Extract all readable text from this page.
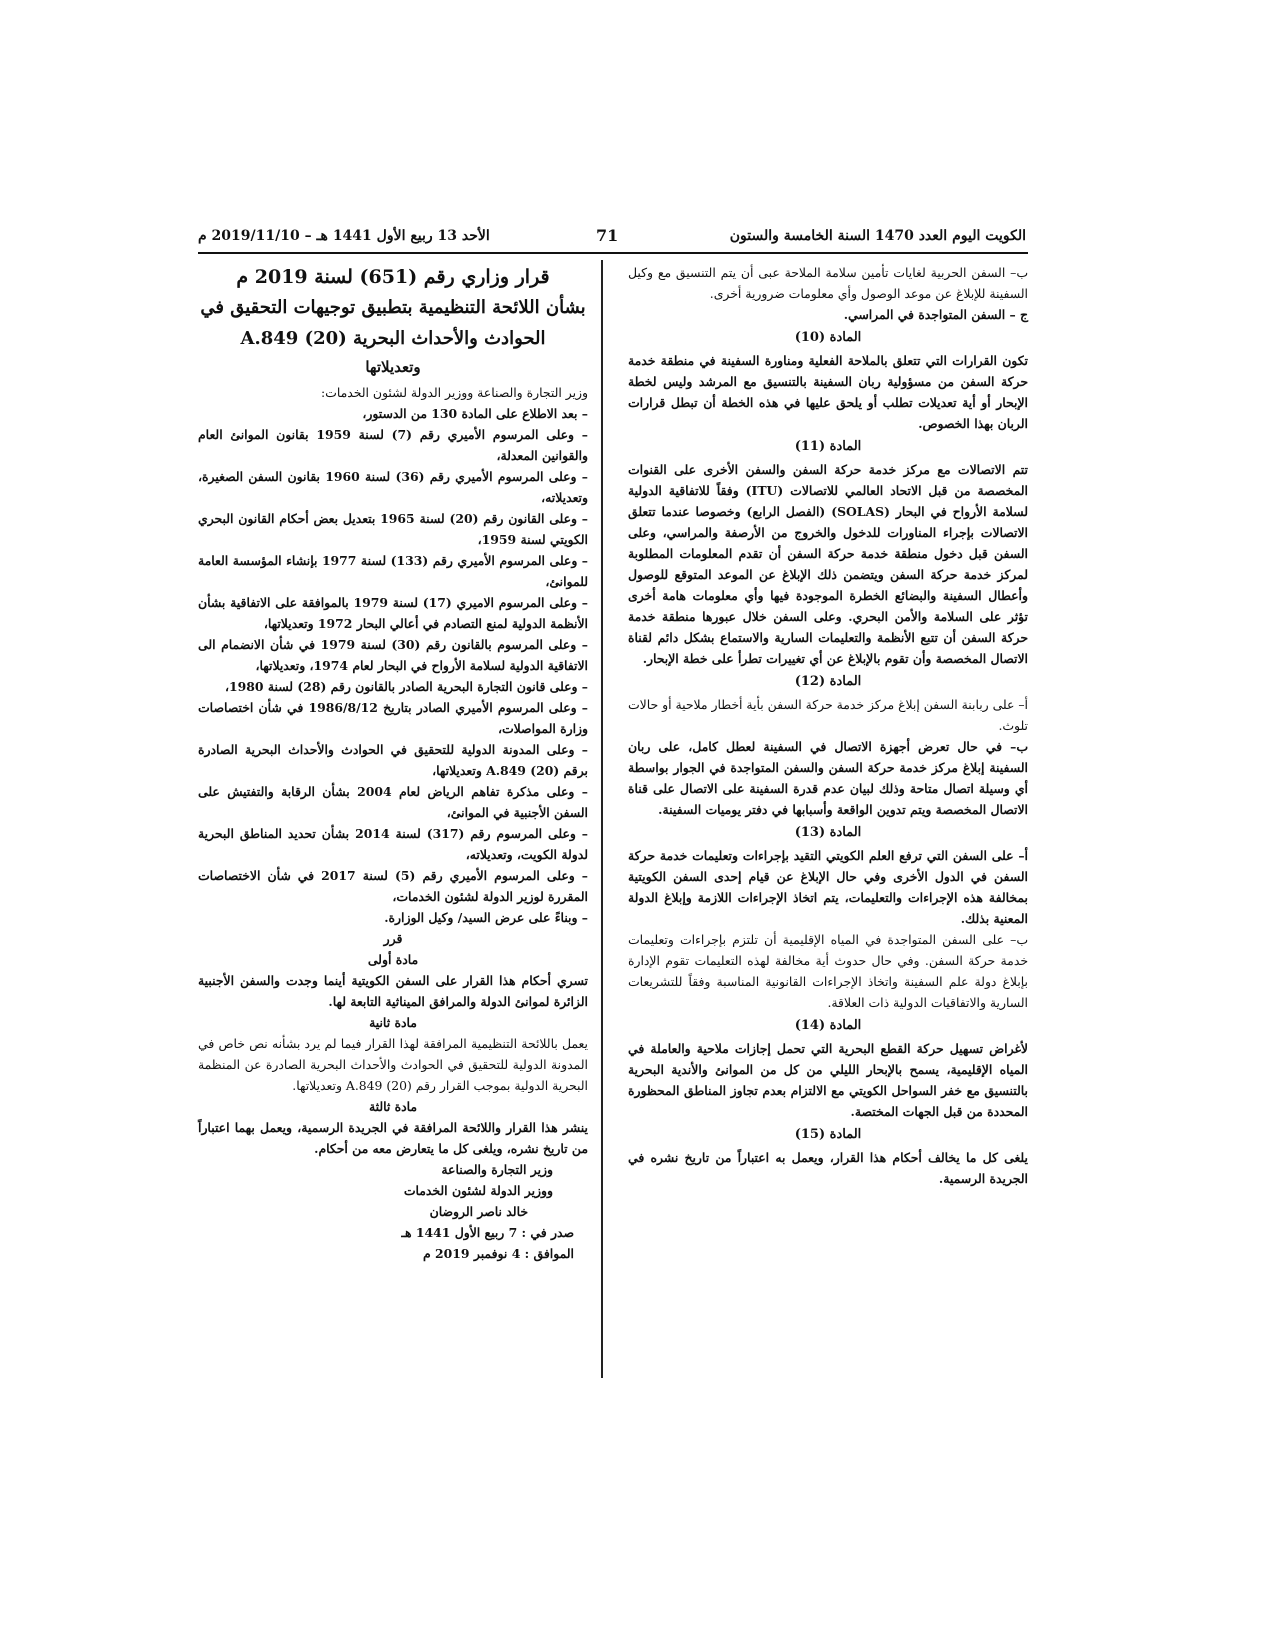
الكويت اليوم العدد 1470 السنة الخامسة والستون
71
الأحد 13 ربيع الأول 1441 هـ – 2019/11/10 م

ب– السفن الحربية لغايات تأمين سلامة الملاحة عبى أن يتم التنسيق مع وكيل السفينة للإبلاغ عن موعد الوصول وأي معلومات ضرورية أخرى.

ج – السفن المتواجدة في المراسي.

المادة (10)

تكون القرارات التي تتعلق بالملاحة الفعلية ومناورة السفينة في منطقة خدمة حركة السفن من مسؤولية ربان السفينة بالتنسيق مع المرشد وليس لخطة الإبحار أو أية تعديلات تطلب أو يلحق عليها في هذه الخطة أن تبطل قرارات الربان بهذا الخصوص.

المادة (11)

تتم الاتصالات مع مركز خدمة حركة السفن والسفن الأخرى على القنوات المخصصة من قبل الاتحاد العالمي للاتصالات (ITU) وفقاً للاتفاقية الدولية لسلامة الأرواح في البحار (SOLAS) (الفصل الرابع) وخصوصا عندما تتعلق الاتصالات بإجراء المناورات للدخول والخروج من الأرصفة والمراسي، وعلى السفن قبل دخول منطقة خدمة حركة السفن أن تقدم المعلومات المطلوبة لمركز خدمة حركة السفن ويتضمن ذلك الإبلاغ عن الموعد المتوقع للوصول وأعطال السفينة والبضائع الخطرة الموجودة فيها وأي معلومات هامة أخرى تؤثر على السلامة والأمن البحري. وعلى السفن خلال عبورها منطقة خدمة حركة السفن أن تتبع الأنظمة والتعليمات السارية والاستماع بشكل دائم لقناة الاتصال المخصصة وأن تقوم بالإبلاغ عن أي تغييرات تطرأ على خطة الإبحار.

المادة (12)

أ– على ربابنة السفن إبلاغ مركز خدمة حركة السفن بأية أخطار ملاحية أو حالات تلوث.

ب– في حال تعرض أجهزة الاتصال في السفينة لعطل كامل، على ربان السفينة إبلاغ مركز خدمة حركة السفن والسفن المتواجدة في الجوار بواسطة أي وسيلة اتصال متاحة وذلك لبيان عدم قدرة السفينة على الاتصال على قناة الاتصال المخصصة ويتم تدوين الواقعة وأسبابها في دفتر يوميات السفينة.

المادة (13)

أ– على السفن التي ترفع العلم الكويتي التقيد بإجراءات وتعليمات خدمة حركة السفن في الدول الأخرى وفي حال الإبلاغ عن قيام إحدى السفن الكويتية بمخالفة هذه الإجراءات والتعليمات، يتم اتخاذ الإجراءات اللازمة وإبلاغ الدولة المعنية بذلك.

ب– على السفن المتواجدة في المياه الإقليمية أن تلتزم بإجراءات وتعليمات خدمة حركة السفن. وفي حال حدوث أية مخالفة لهذه التعليمات تقوم الإدارة بإبلاغ دولة علم السفينة واتخاذ الإجراءات القانونية المناسبة وفقاً للتشريعات السارية والاتفاقيات الدولية ذات العلاقة.

المادة (14)

لأغراض تسهيل حركة القطع البحرية التي تحمل إجازات ملاحية والعاملة في المياه الإقليمية، يسمح بالإبحار الليلي من كل من الموانئ والأندية البحرية بالتنسيق مع خفر السواحل الكويتي مع الالتزام بعدم تجاوز المناطق المحظورة المحددة من قبل الجهات المختصة.

المادة (15)

يلغى كل ما يخالف أحكام هذا القرار، ويعمل به اعتباراً من تاريخ نشره في الجريدة الرسمية.

قرار وزاري رقم (651) لسنة 2019 م
بشأن اللائحة التنظيمية بتطبيق توجيهات التحقيق في الحوادث والأحداث البحرية (20) A.849
وتعديلاتها

وزير التجارة والصناعة ووزير الدولة لشئون الخدمات:

– بعد الاطلاع على المادة 130 من الدستور،

– وعلى المرسوم الأميري رقم (7) لسنة 1959 بقانون الموانئ العام والقوانين المعدلة،

– وعلى المرسوم الأميري رقم (36) لسنة 1960 بقانون السفن الصغيرة، وتعديلاته،

– وعلى القانون رقم (20) لسنة 1965 بتعديل بعض أحكام القانون البحري الكويتي لسنة 1959،

– وعلى المرسوم الأميري رقم (133) لسنة 1977 بإنشاء المؤسسة العامة للموانئ،

– وعلى المرسوم الاميري (17) لسنة 1979 بالموافقة على الاتفاقية بشأن الأنظمة الدولية لمنع التصادم في أعالي البحار 1972 وتعديلاتها،

– وعلى المرسوم بالقانون رقم (30) لسنة 1979 في شأن الانضمام الى الاتفاقية الدولية لسلامة الأرواح في البحار لعام 1974، وتعديلاتها،

– وعلى قانون التجارة البحرية الصادر بالقانون رقم (28) لسنة 1980،

– وعلى المرسوم الأميري الصادر بتاريخ 1986/8/12 في شأن اختصاصات وزارة المواصلات،

– وعلى المدونة الدولية للتحقيق في الحوادث والأحداث البحرية الصادرة برقم (20) A.849 وتعديلاتها،

– وعلى مذكرة تفاهم الرياض لعام 2004 بشأن الرقابة والتفتيش على السفن الأجنبية في الموانئ،

– وعلى المرسوم رقم (317) لسنة 2014 بشأن تحديد المناطق البحرية لدولة الكويت، وتعديلاته،

– وعلى المرسوم الأميري رقم (5) لسنة 2017 في شأن الاختصاصات المقررة لوزير الدولة لشئون الخدمات،

– وبناءً على عرض السيد/ وكيل الوزارة.

قرر

مادة أولى

تسري أحكام هذا القرار على السفن الكويتية أينما وجدت والسفن الأجنبية الزائرة لموانئ الدولة والمرافق الميناثية التابعة لها.

مادة ثانية

يعمل باللائحة التنظيمية المرافقة لهذا القرار فيما لم يرد بشأنه نص خاص في المدونة الدولية للتحقيق في الحوادث والأحداث البحرية الصادرة عن المنظمة البحرية الدولية بموجب القرار رقم (20) A.849 وتعديلاتها.

مادة ثالثة

ينشر هذا القرار واللائحة المرافقة في الجريدة الرسمية، ويعمل بهما اعتباراً من تاريخ نشره، ويلغى كل ما يتعارض معه من أحكام.

وزير التجارة والصناعة

ووزير الدولة لشئون الخدمات

خالد ناصر الروضان

صدر في : 7 ربيع الأول 1441 هـ

الموافق : 4 نوفمبر 2019 م
